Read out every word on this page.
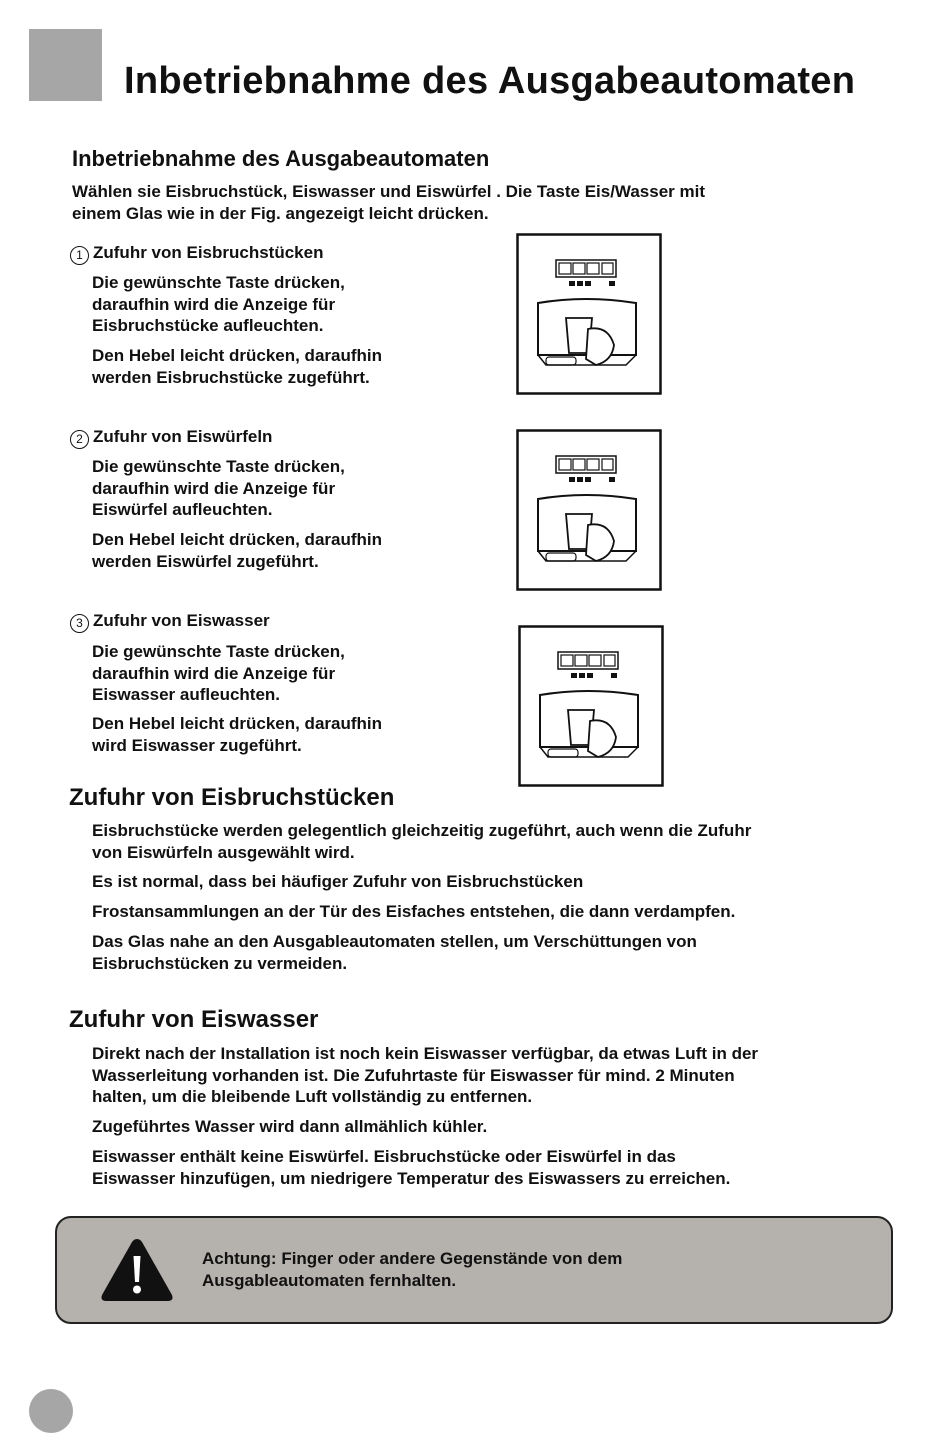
Inbetriebnahme des Ausgabeautomaten
Inbetriebnahme des Ausgabeautomaten
Wählen sie Eisbruchstück, Eiswasser und Eiswürfel . Die Taste Eis/Wasser mit
einem Glas wie in der Fig. angezeigt leicht drücken.
1 Zufuhr von Eisbruchstücken
Die gewünschte Taste drücken,
daraufhin wird die Anzeige für
Eisbruchstücke aufleuchten.
Den Hebel leicht drücken, daraufhin
werden Eisbruchstücke zugeführt.
2 Zufuhr von Eiswürfeln
Die gewünschte Taste drücken,
daraufhin wird die Anzeige für
Eiswürfel aufleuchten.
Den Hebel leicht drücken, daraufhin
werden Eiswürfel zugeführt.
3 Zufuhr von Eiswasser
Die gewünschte Taste drücken,
daraufhin wird die Anzeige für
Eiswasser aufleuchten.
Den Hebel leicht drücken, daraufhin
wird Eiswasser zugeführt.
Zufuhr von Eisbruchstücken
Eisbruchstücke werden gelegentlich gleichzeitig zugeführt, auch wenn die Zufuhr
von Eiswürfeln ausgewählt wird.
Es ist normal, dass bei häufiger Zufuhr von Eisbruchstücken
Frostansammlungen an der Tür des Eisfaches entstehen, die dann verdampfen.
Das Glas nahe an den Ausgableautomaten stellen, um Verschüttungen von
Eisbruchstücken zu vermeiden.
Zufuhr von Eiswasser
Direkt nach der Installation ist noch kein Eiswasser verfügbar, da etwas Luft in der
Wasserleitung vorhanden ist. Die Zufuhrtaste für Eiswasser für mind. 2 Minuten
halten, um die bleibende Luft vollständig zu entfernen.
Zugeführtes Wasser wird dann allmählich kühler.
Eiswasser enthält keine Eiswürfel. Eisbruchstücke oder Eiswürfel in das
Eiswasser hinzufügen, um niedrigere Temperatur des Eiswassers zu erreichen.
Achtung: Finger oder andere Gegenstände von dem
Ausgableautomaten fernhalten.
